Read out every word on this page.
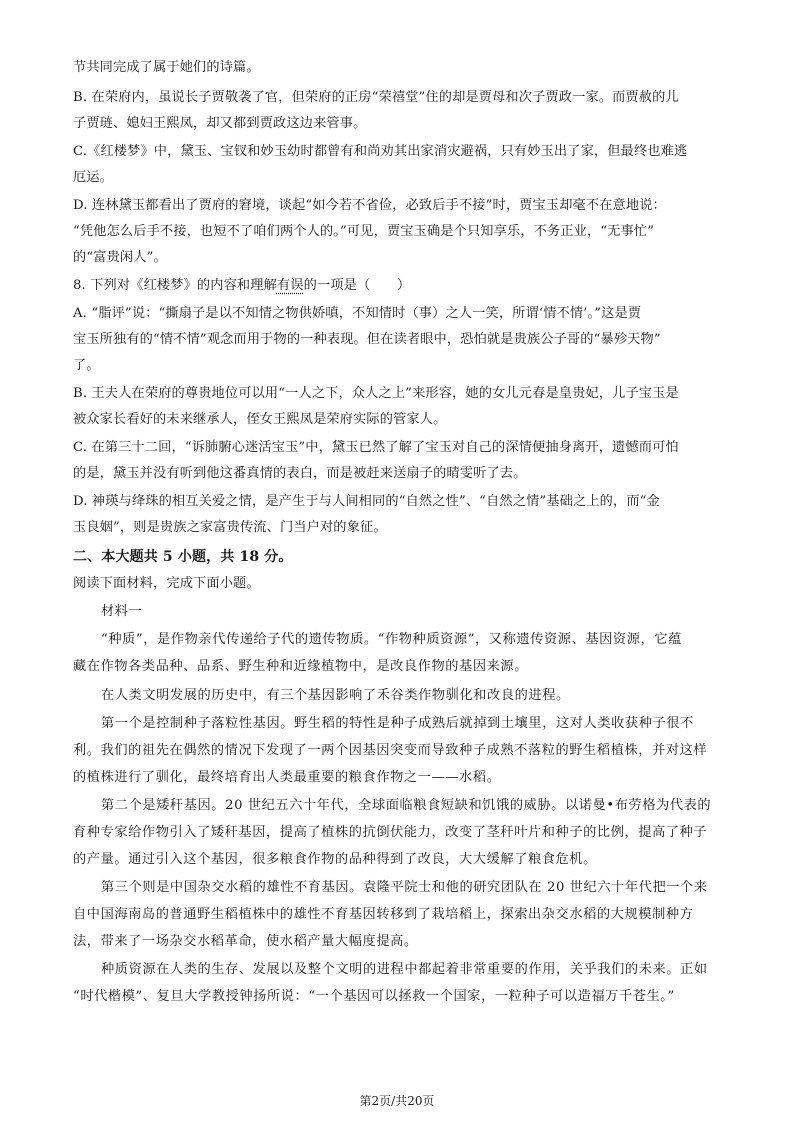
节共同完成了属于她们的诗篇。
B. 在荣府内，虽说长子贾敬袭了官，但荣府的正房“荣禧堂”住的却是贾母和次子贾政一家。而贾赦的儿
子贾琏、媳妇王熙凤，却又都到贾政这边来管事。
C.《红楼梦》中，黛玉、宝钗和妙玉幼时都曾有和尚劝其出家消灾避祸，只有妙玉出了家，但最终也难逃
厄运。
D. 连林黛玉都看出了贾府的窘境，谈起“如今若不省俭，必致后手不接”时，贾宝玉却毫不在意地说：
“凭他怎么后手不接，也短不了咱们两个人的。”可见，贾宝玉确是个只知享乐，不务正业，“无事忙”
的“富贵闲人”。
8. 下列对《红楼梦》的内容和理解有误的一项是（　　）
A. “脂评”说：“撕扇子是以不知情之物供娇嗔，不知情时（事）之人一笑，所谓‘情不情’。”这是贾
宝玉所独有的“情不情”观念而用于物的一种表现。但在读者眼中，恐怕就是贵族公子哥的“暴殄天物”
了。
B. 王夫人在荣府的尊贵地位可以用“一人之下，众人之上”来形容，她的女儿元春是皇贵妃，儿子宝玉是
被众家长看好的未来继承人，侄女王熙凤是荣府实际的管家人。
C. 在第三十二回，“诉肺腑心迷活宝玉”中，黛玉已然了解了宝玉对自己的深情便抽身离开，遗憾而可怕
的是，黛玉并没有听到他这番真情的表白，而是被赶来送扇子的晴雯听了去。
D. 神瑛与绛珠的相互关爱之情，是产生于与人间相同的“自然之性”、“自然之情”基础之上的，而“金
玉良姻”，则是贵族之家富贵传流、门当户对的象征。
二、本大题共 5 小题，共 18 分。
阅读下面材料，完成下面小题。
材料一
“种质”，是作物亲代传递给子代的遗传物质。“作物种质资源”，又称遗传资源、基因资源，它蕴
藏在作物各类品种、品系、野生种和近缘植物中，是改良作物的基因来源。
在人类文明发展的历史中，有三个基因影响了禾谷类作物驯化和改良的进程。
第一个是控制种子落粒性基因。野生稻的特性是种子成熟后就掉到土壤里，这对人类收获种子很不
利。我们的祖先在偶然的情况下发现了一两个因基因突变而导致种子成熟不落粒的野生稻植株，并对这样
的植株进行了驯化，最终培育出人类最重要的粮食作物之一——水稻。
第二个是矮秆基因。20 世纪五六十年代，全球面临粮食短缺和饥饿的威胁。以诺曼•布劳格为代表的
育种专家给作物引入了矮秆基因，提高了植株的抗倒伏能力，改变了茎秆叶片和种子的比例，提高了种子
的产量。通过引入这个基因，很多粮食作物的品种得到了改良，大大缓解了粮食危机。
第三个则是中国杂交水稻的雄性不育基因。袁隆平院士和他的研究团队在 20 世纪六十年代把一个来
自中国海南岛的普通野生稻植株中的雄性不育基因转移到了栽培稻上，探索出杂交水稻的大规模制种方
法，带来了一场杂交水稻革命，使水稻产量大幅度提高。
种质资源在人类的生存、发展以及整个文明的进程中都起着非常重要的作用，关乎我们的未来。正如
“时代楷模”、复旦大学教授钟扬所说：“一个基因可以拯救一个国家，一粒种子可以造福万千苍生。”
第2页/共20页
